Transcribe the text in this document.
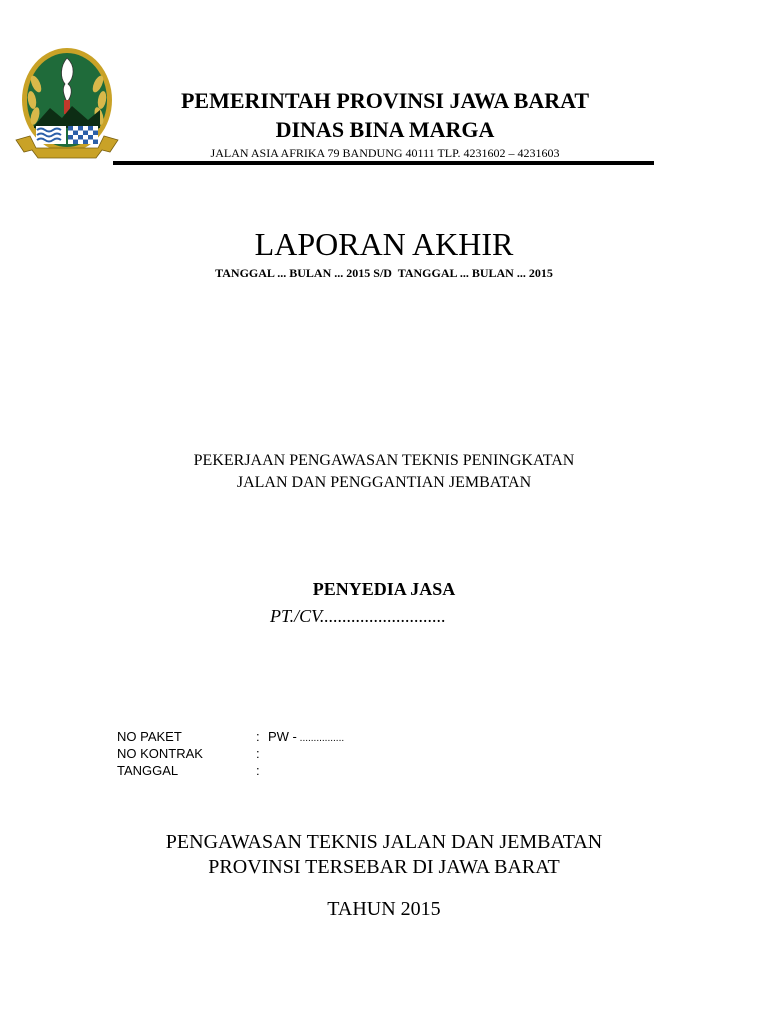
PEMERINTAH PROVINSI JAWA BARAT
DINAS BINA MARGA
JALAN ASIA AFRIKA 79 BANDUNG 40111 TLP. 4231602 – 4231603
LAPORAN AKHIR
TANGGAL ... BULAN ... 2015 S/D  TANGGAL ... BULAN ... 2015
PEKERJAAN PENGAWASAN TEKNIS PENINGKATAN
JALAN DAN PENGGANTIAN JEMBATAN
PENYEDIA JASA
PT./CV............................
NO PAKET	: PW - ................
NO KONTRAK	:
TANGGAL	:
PENGAWASAN TEKNIS JALAN DAN JEMBATAN
PROVINSI TERSEBAR DI JAWA BARAT
TAHUN 2015
